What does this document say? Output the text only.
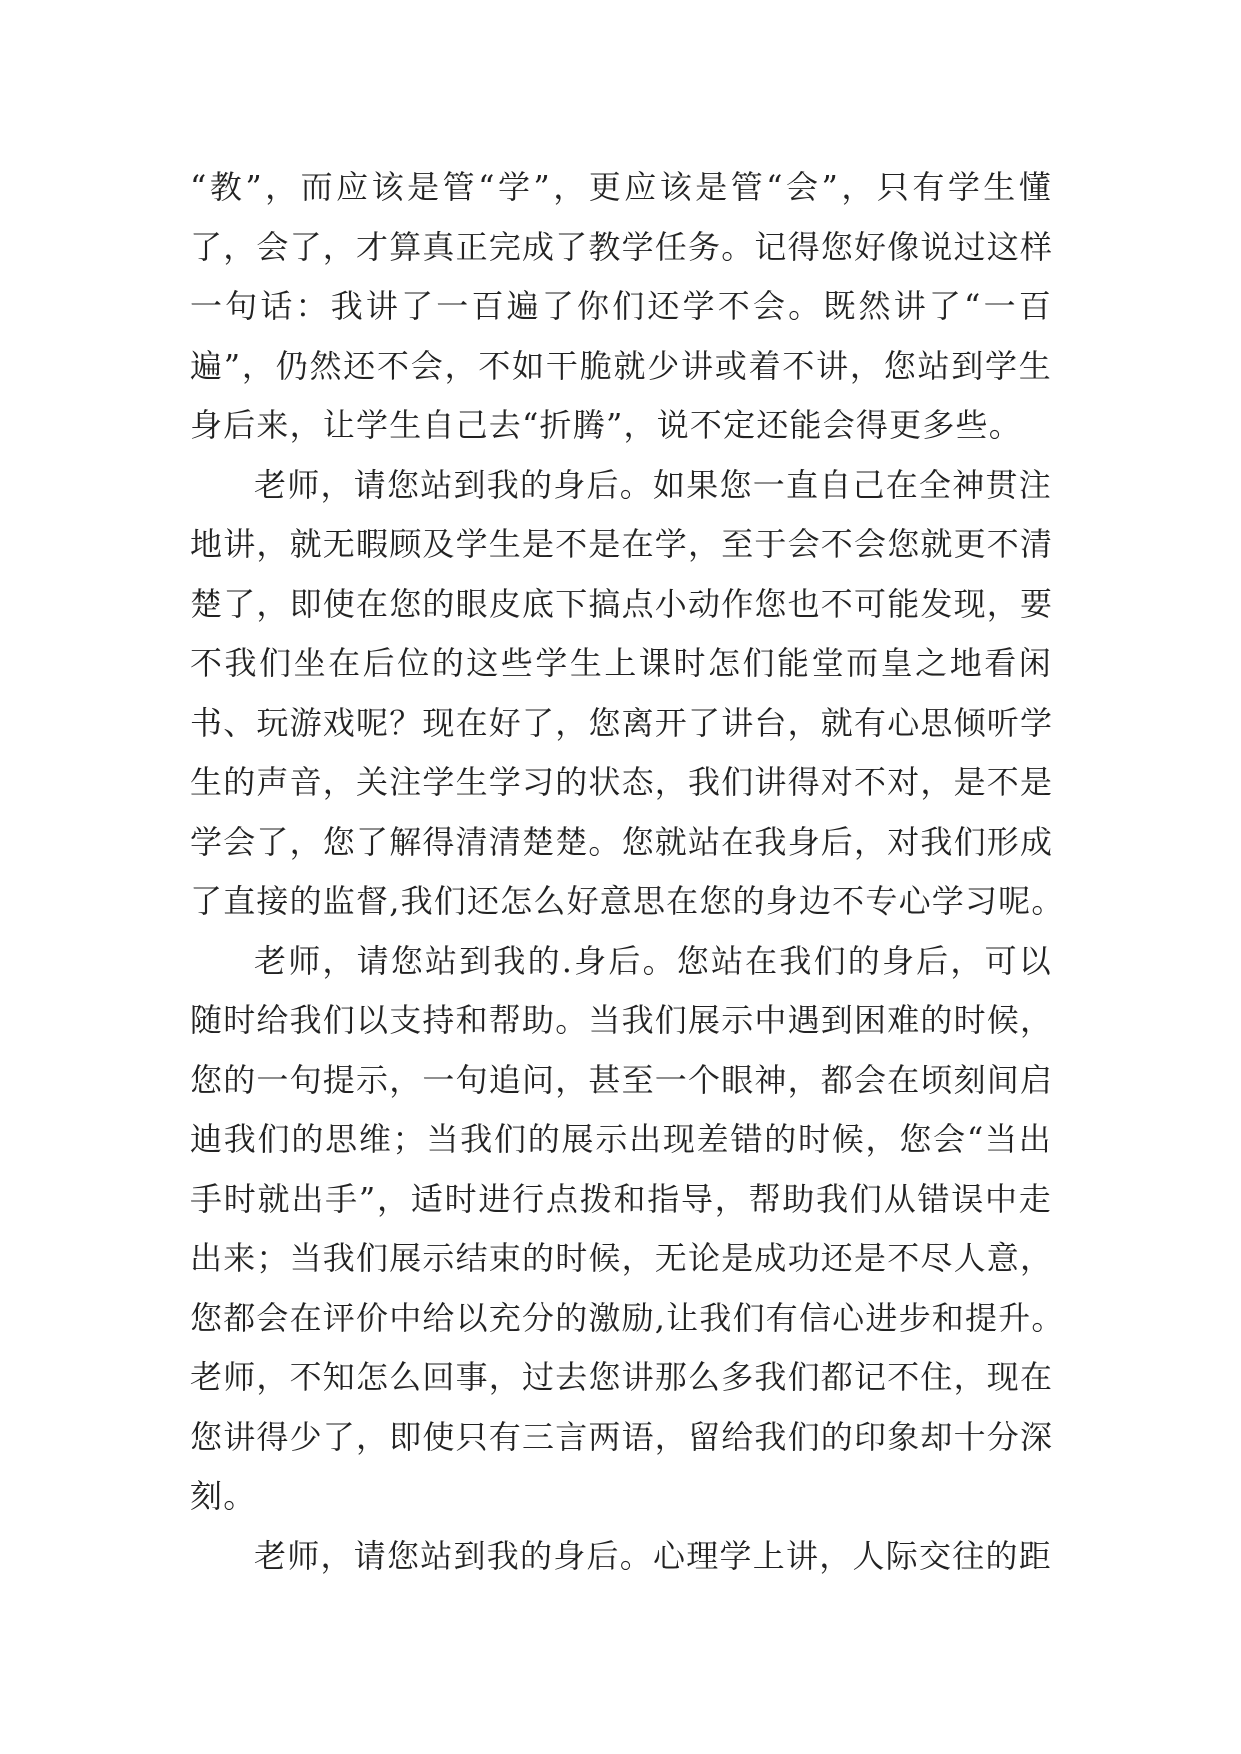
“教”，而应该是管“学”，更应该是管“会”，只有学生懂
了，会了，才算真正完成了教学任务。记得您好像说过这样
一句话：我讲了一百遍了你们还学不会。既然讲了“一百
遍”，仍然还不会，不如干脆就少讲或着不讲，您站到学生
身后来，让学生自己去“折腾”，说不定还能会得更多些。
老师，请您站到我的身后。如果您一直自己在全神贯注
地讲，就无暇顾及学生是不是在学，至于会不会您就更不清
楚了，即使在您的眼皮底下搞点小动作您也不可能发现，要
不我们坐在后位的这些学生上课时怎们能堂而皇之地看闲
书、玩游戏呢？现在好了，您离开了讲台，就有心思倾听学
生的声音，关注学生学习的状态，我们讲得对不对，是不是
学会了，您了解得清清楚楚。您就站在我身后，对我们形成
了直接的监督,我们还怎么好意思在您的身边不专心学习呢。
老师，请您站到我的.身后。您站在我们的身后，可以
随时给我们以支持和帮助。当我们展示中遇到困难的时候，
您的一句提示，一句追问，甚至一个眼神，都会在顷刻间启
迪我们的思维；当我们的展示出现差错的时候，您会“当出
手时就出手”，适时进行点拨和指导，帮助我们从错误中走
出来；当我们展示结束的时候，无论是成功还是不尽人意，
您都会在评价中给以充分的激励,让我们有信心进步和提升。
老师，不知怎么回事，过去您讲那么多我们都记不住，现在
您讲得少了，即使只有三言两语，留给我们的印象却十分深
刻。
老师，请您站到我的身后。心理学上讲，人际交往的距
